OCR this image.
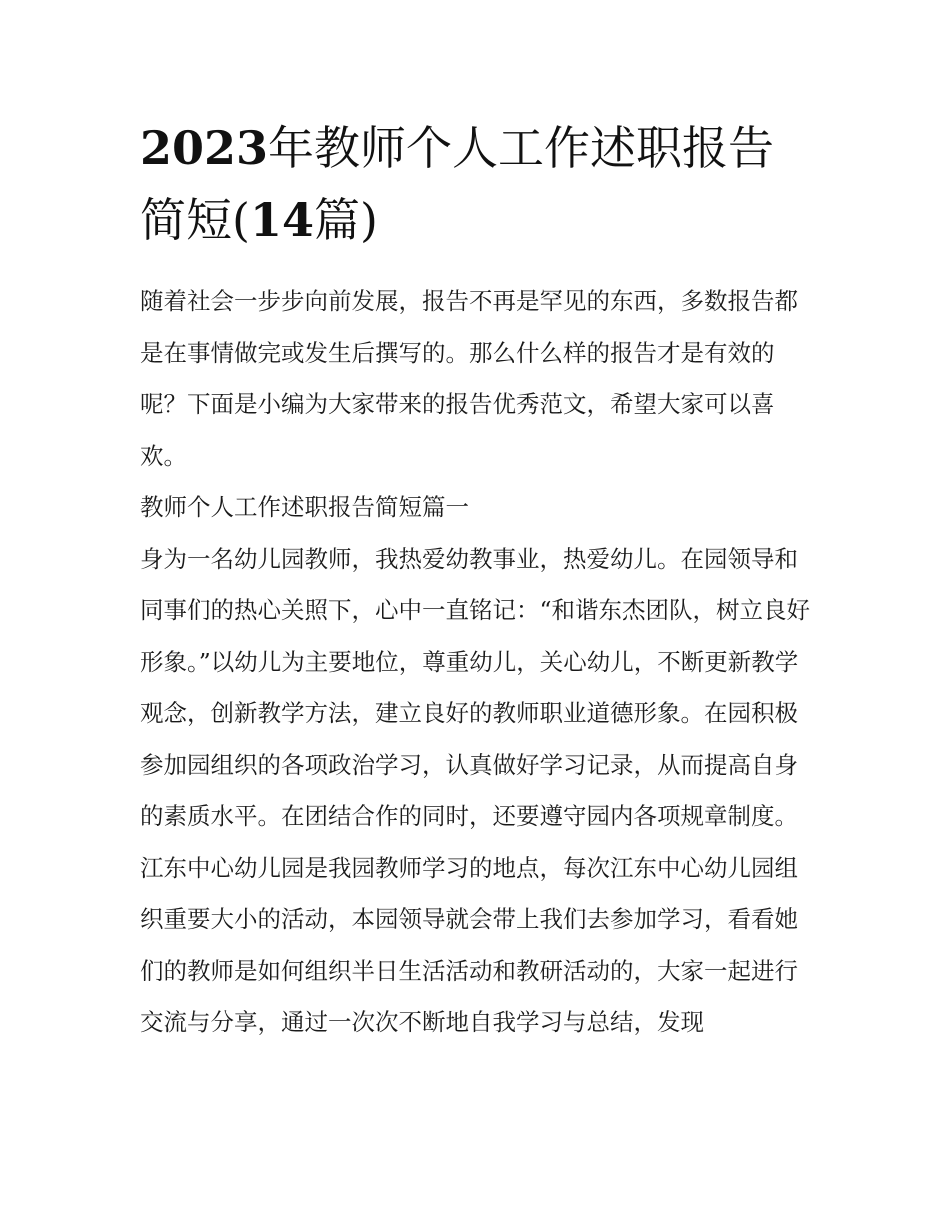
2023年教师个人工作述职报告简短(14篇)

随着社会一步步向前发展，报告不再是罕见的东西，多数报告都是在事情做完或发生后撰写的。那么什么样的报告才是有效的呢？下面是小编为大家带来的报告优秀范文，希望大家可以喜欢。

教师个人工作述职报告简短篇一

身为一名幼儿园教师，我热爱幼教事业，热爱幼儿。在园领导和同事们的热心关照下，心中一直铭记：“和谐东杰团队，树立良好形象。”以幼儿为主要地位，尊重幼儿，关心幼儿，不断更新教学观念，创新教学方法，建立良好的教师职业道德形象。在园积极参加园组织的各项政治学习，认真做好学习记录，从而提高自身的素质水平。在团结合作的同时，还要遵守园内各项规章制度。

江东中心幼儿园是我园教师学习的地点，每次江东中心幼儿园组织重要大小的活动，本园领导就会带上我们去参加学习，看看她们的教师是如何组织半日生活活动和教研活动的，大家一起进行交流与分享，通过一次次不断地自我学习与总结，发现
